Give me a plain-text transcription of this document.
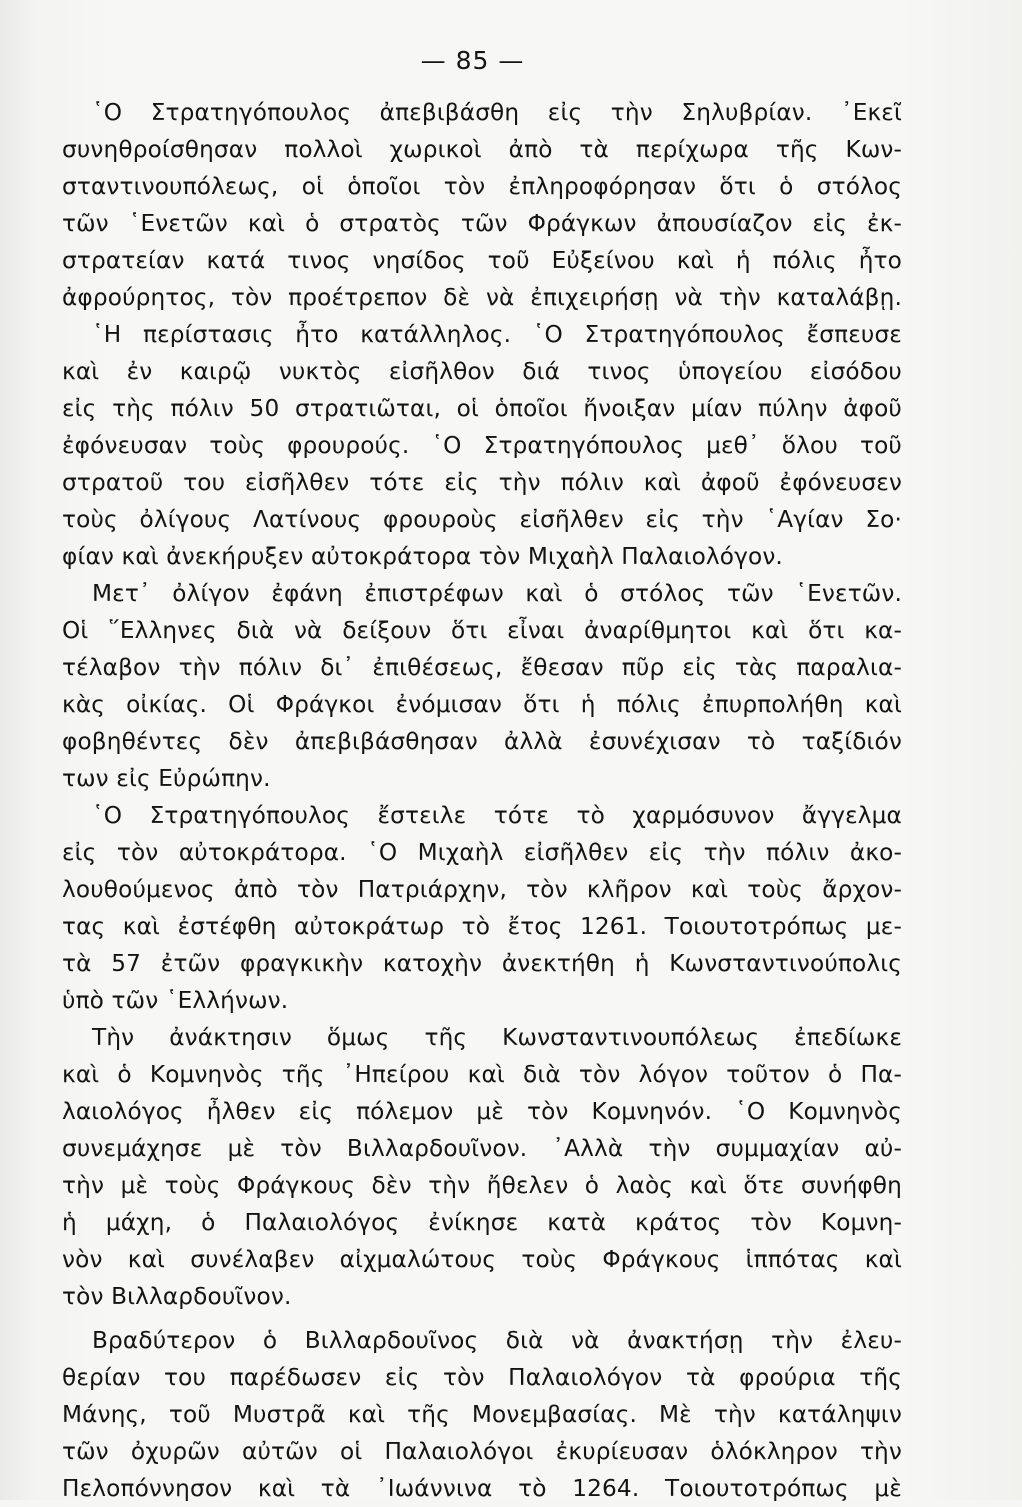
— 85 —
῾Ο Στρατηγόπουλος ἀπεβιβάσθη εἰς τὴν Σηλυβρίαν. ᾿Εκεῖ
συνηθροίσθησαν πολλοὶ χωρικοὶ ἀπὸ τὰ περίχωρα τῆς Κων-
σταντινουπόλεως, οἱ ὁποῖοι τὸν ἐπληροφόρησαν ὅτι ὁ στόλος
τῶν ῾Ενετῶν καὶ ὁ στρατὸς τῶν Φράγκων ἀπουσίαζον εἰς ἐκ-
στρατείαν κατά τινος νησίδος τοῦ Εὐξείνου καὶ ἡ πόλις ἦτο
ἀφρούρητος, τὸν προέτρεπον δὲ νὰ ἐπιχειρήσῃ νὰ τὴν καταλάβῃ.
῾Η περίστασις ἦτο κατάλληλος. ῾Ο Στρατηγόπουλος ἔσπευσε
καὶ ἐν καιρῷ νυκτὸς εἰσῆλθον διά τινος ὑπογείου εἰσόδου
εἰς τὴς πόλιν 50 στρατιῶται, οἱ ὁποῖοι ἤνοιξαν μίαν πύλην ἀφοῦ
ἐφόνευσαν τοὺς φρουρούς. ῾Ο Στρατηγόπουλος μεθ᾿ ὅλου τοῦ
στρατοῦ του εἰσῆλθεν τότε εἰς τὴν πόλιν καὶ ἀφοῦ ἐφόνευσεν
τοὺς ὀλίγους Λατίνους φρουροὺς εἰσῆλθεν εἰς τὴν ῾Αγίαν Σο·
φίαν καὶ ἀνεκήρυξεν αὐτοκράτορα τὸν Μιχαὴλ Παλαιολόγον.
Μετ᾿ ὀλίγον ἐφάνη ἐπιστρέφων καὶ ὁ στόλος τῶν ῾Ενετῶν.
Οἱ ῞Ελληνες διὰ νὰ δείξουν ὅτι εἶναι ἀναρίθμητοι καὶ ὅτι κα-
τέλαβον τὴν πόλιν δι᾿ ἐπιθέσεως, ἔθεσαν πῦρ εἰς τὰς παραλια-
κὰς οἰκίας. Οἱ Φράγκοι ἐνόμισαν ὅτι ἡ πόλις ἐπυρπολήθη καὶ
φοβηθέντες δὲν ἀπεβιβάσθησαν ἀλλὰ ἐσυνέχισαν τὸ ταξίδιόν
των εἰς Εὐρώπην.
῾Ο Στρατηγόπουλος ἔστειλε τότε τὸ χαρμόσυνον ἄγγελμα
εἰς τὸν αὐτοκράτορα. ῾Ο Μιχαὴλ εἰσῆλθεν εἰς τὴν πόλιν ἀκο-
λουθούμενος ἀπὸ τὸν Πατριάρχην, τὸν κλῆρον καὶ τοὺς ἄρχον-
τας καὶ ἐστέφθη αὐτοκράτωρ τὸ ἔτος 1261. Τοιουτοτρόπως με-
τὰ 57 ἐτῶν φραγκικὴν κατοχὴν ἀνεκτήθη ἡ Κωνσταντινούπολις
ὑπὸ τῶν ῾Ελλήνων.
Τὴν ἀνάκτησιν ὅμως τῆς Κωνσταντινουπόλεως ἐπεδίωκε
καὶ ὁ Κομνηνὸς τῆς ᾿Ηπείρου καὶ διὰ τὸν λόγον τοῦτον ὁ Πα-
λαιολόγος ἦλθεν εἰς πόλεμον μὲ τὸν Κομνηνόν. ῾Ο Κομνηνὸς
συνεμάχησε μὲ τὸν Βιλλαρδουῖνον. ᾿Αλλὰ τὴν συμμαχίαν αὐ-
τὴν μὲ τοὺς Φράγκους δὲν τὴν ἤθελεν ὁ λαὸς καὶ ὅτε συνήφθη
ἡ μάχη, ὁ Παλαιολόγος ἐνίκησε κατὰ κράτος τὸν Κομνη-
νὸν καὶ συνέλαβεν αἰχμαλώτους τοὺς Φράγκους ἱππότας καὶ
τὸν Βιλλαρδουῖνον.
Βραδύτερον ὁ Βιλλαρδουῖνος διὰ νὰ ἀνακτήσῃ τὴν ἐλευ-
θερίαν του παρέδωσεν εἰς τὸν Παλαιολόγον τὰ φρούρια τῆς
Μάνης, τοῦ Μυστρᾶ καὶ τῆς Μονεμβασίας. Μὲ τὴν κατάληψιν
τῶν ὀχυρῶν αὐτῶν οἱ Παλαιολόγοι ἐκυρίευσαν ὁλόκληρον τὴν
Πελοπόννησον καὶ τὰ ᾿Ιωάννινα τὸ 1264. Τοιουτοτρόπως μὲ
